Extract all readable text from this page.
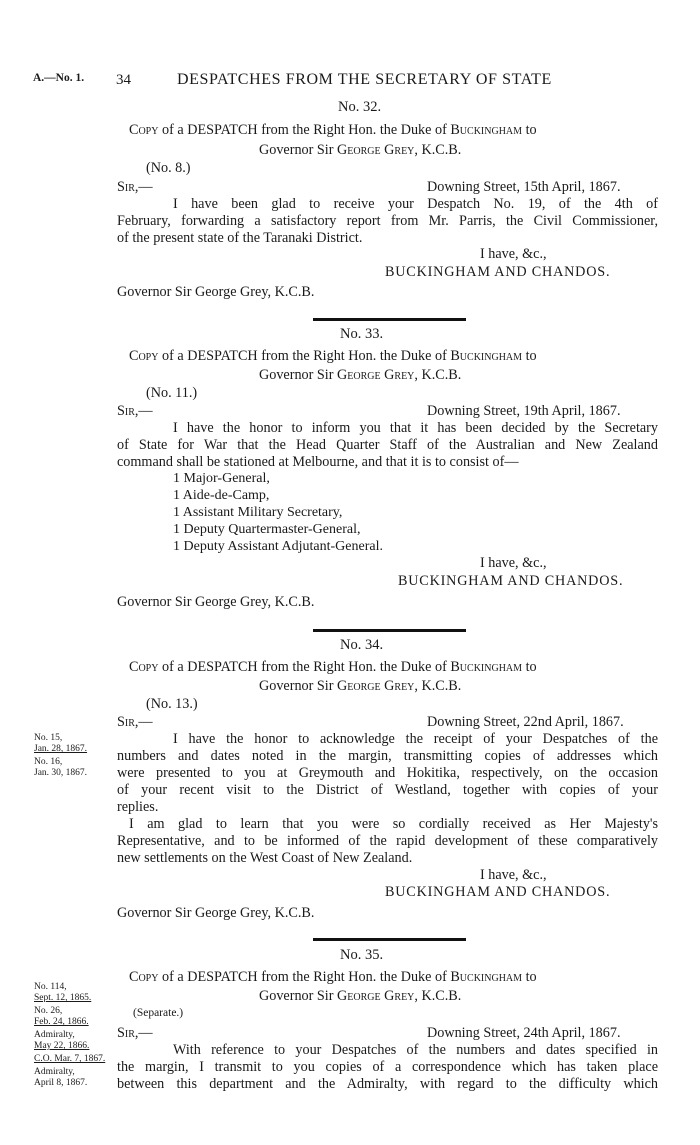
A.—No. 1. 34	DESPATCHES FROM THE SECRETARY OF STATE
No. 32.
Copy of a DESPATCH from the Right Hon. the Duke of Buckingham to
Governor Sir George Grey, K.C.B.
(No. 8.)
Sir,—	Downing Street, 15th April, 1867.
I have been glad to receive your Despatch No. 19, of the 4th of
February, forwarding a satisfactory report from Mr. Parris, the Civil Commissioner,
of the present state of the Taranaki District.
I have, &c.,
BUCKINGHAM AND CHANDOS.
Governor Sir George Grey, K.C.B.
No. 33.
Copy of a DESPATCH from the Right Hon. the Duke of Buckingham to
Governor Sir George Grey, K.C.B.
(No. 11.)
Sir,—	Downing Street, 19th April, 1867.
I have the honor to inform you that it has been decided by the Secretary
of State for War that the Head Quarter Staff of the Australian and New Zealand
command shall be stationed at Melbourne, and that it is to consist of—
1 Major-General,
1 Aide-de-Camp,
1 Assistant Military Secretary,
1 Deputy Quartermaster-General,
1 Deputy Assistant Adjutant-General.
I have, &c.,
BUCKINGHAM AND CHANDOS.
Governor Sir George Grey, K.C.B.
No. 34.
Copy of a DESPATCH from the Right Hon. the Duke of Buckingham to
Governor Sir George Grey, K.C.B.
(No. 13.)
Sir,—	Downing Street, 22nd April, 1867.
No. 15,
Jan. 28, 1867.
No. 16,
Jan. 30, 1867.
I have the honor to acknowledge the receipt of your Despatches of the
numbers and dates noted in the margin, transmitting copies of addresses which
were presented to you at Greymouth and Hokitika, respectively, on the occasion
of your recent visit to the District of Westland, together with copies of your
replies.
I am glad to learn that you were so cordially received as Her Majesty's
Representative, and to be informed of the rapid development of these comparatively
new settlements on the West Coast of New Zealand.
I have, &c.,
BUCKINGHAM AND CHANDOS.
Governor Sir George Grey, K.C.B.
No. 35.
Copy of a DESPATCH from the Right Hon. the Duke of Buckingham to
Governor Sir George Grey, K.C.B.
(Separate.)
Sir,—	Downing Street, 24th April, 1867.
No. 114,
Sept. 12, 1865.
No. 26,
Feb. 24, 1866.
Admiralty,
May 22, 1866.
C.O. Mar. 7, 1867.
Admiralty,
April 8, 1867.
With reference to your Despatches of the numbers and dates specified in
the margin, I transmit to you copies of a correspondence which has taken place
between this department and the Admiralty, with regard to the difficulty which
